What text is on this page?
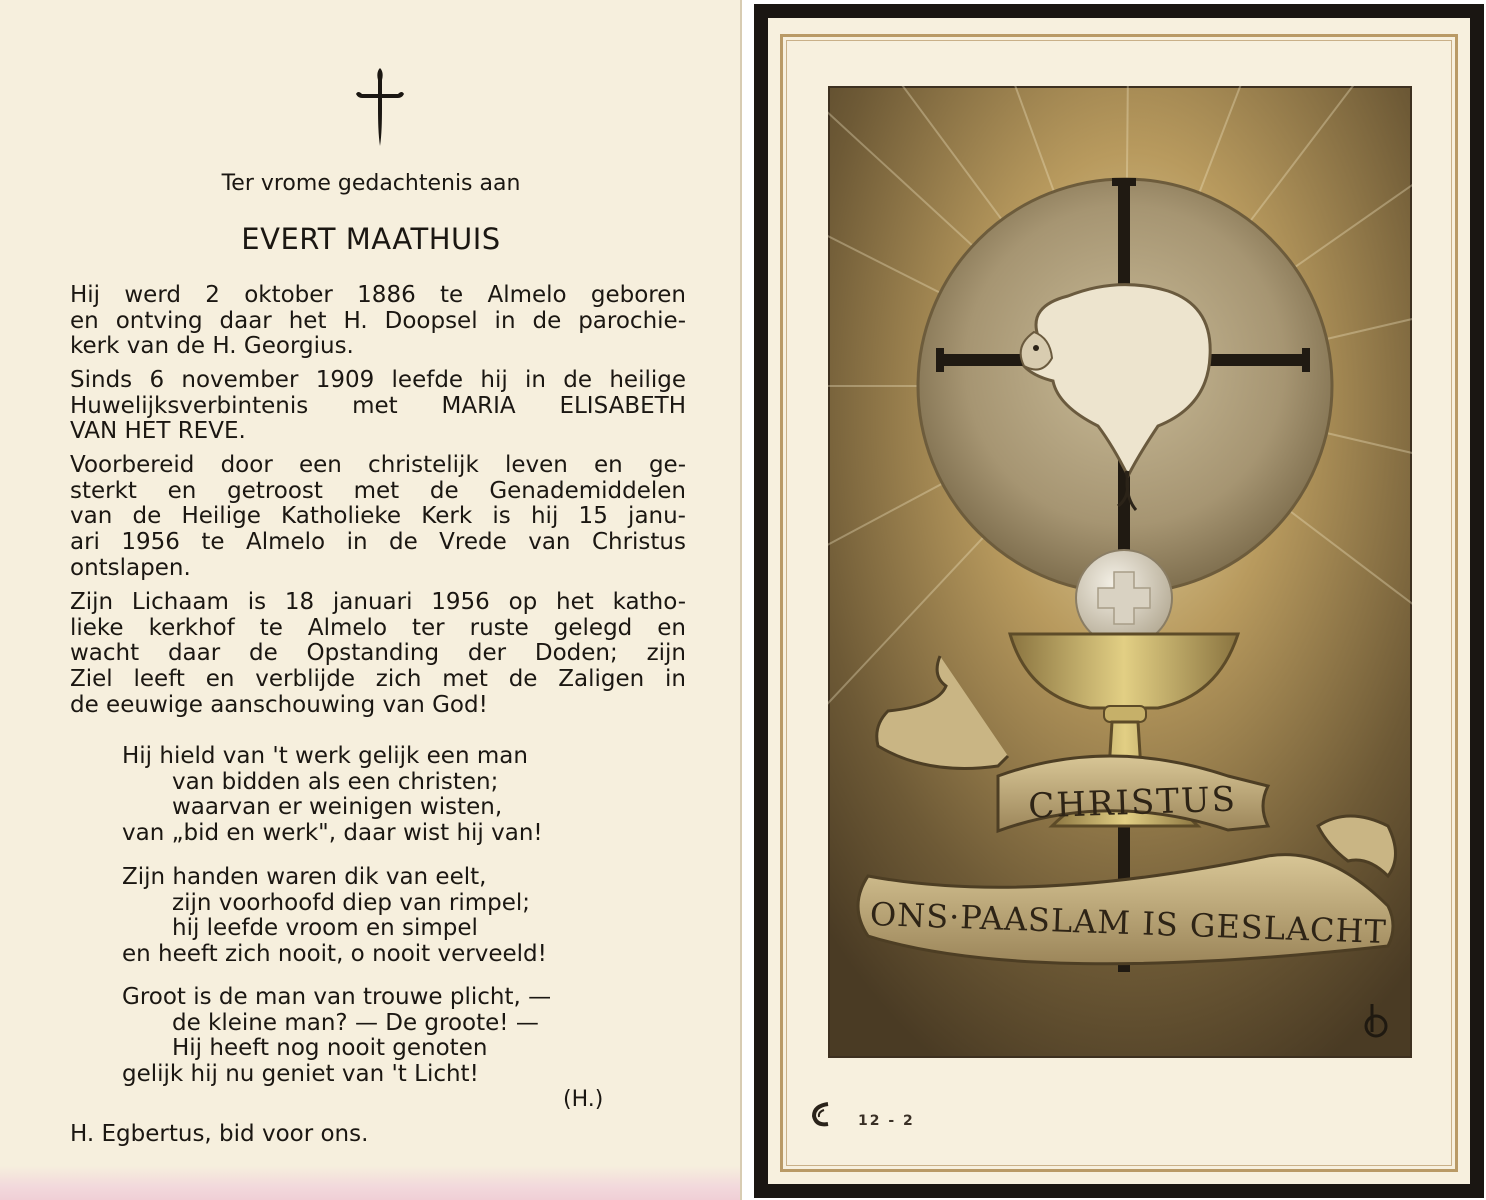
Ter vrome gedachtenis aan
EVERT MAATHUIS
Hij werd 2 oktober 1886 te Almelo geboren
en ontving daar het H. Doopsel in de parochie-
kerk van de H. Georgius.
Sinds 6 november 1909 leefde hij in de heilige
Huwelijksverbintenis met MARIA ELISABETH
VAN HET REVE.
Voorbereid door een christelijk leven en ge-
sterkt en getroost met de Genademiddelen
van de Heilige Katholieke Kerk is hij 15 janu-
ari 1956 te Almelo in de Vrede van Christus
ontslapen.
Zijn Lichaam is 18 januari 1956 op het katho-
lieke kerkhof te Almelo ter ruste gelegd en
wacht daar de Opstanding der Doden; zijn
Ziel leeft en verblijde zich met de Zaligen in
de eeuwige aanschouwing van God!
Hij hield van 't werk gelijk een man
van bidden als een christen;
waarvan er weinigen wisten,
van „bid en werk", daar wist hij van!
Zijn handen waren dik van eelt,
zijn voorhoofd diep van rimpel;
hij leefde vroom en simpel
en heeft zich nooit, o nooit verveeld!
Groot is de man van trouwe plicht, —
de kleine man? — De groote! —
Hij heeft nog nooit genoten
gelijk hij nu geniet van 't Licht!
(H.)
H. Egbertus, bid voor ons.
CHRISTUS
ONS·PAASLAM IS GESLACHT
12 - 2
